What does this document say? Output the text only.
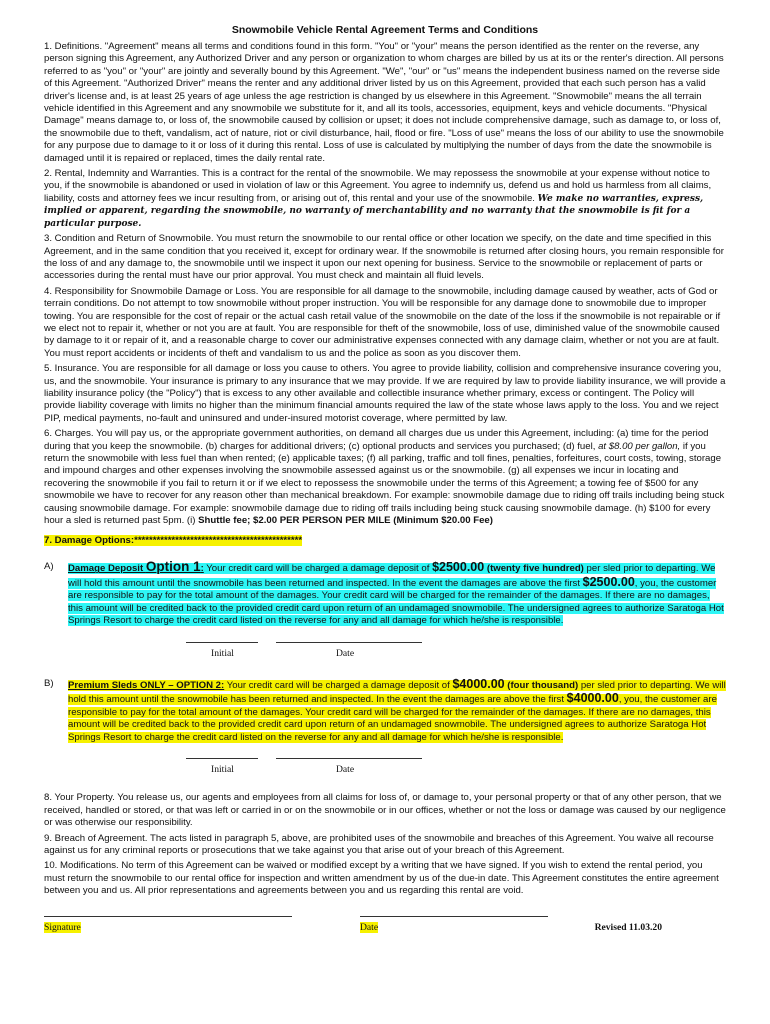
Snowmobile Vehicle Rental Agreement Terms and Conditions

1. Definitions. "Agreement" means all terms and conditions found in this form. "You" or "your" means the person identified as the renter on the reverse, any person signing this Agreement, any Authorized Driver and any person or organization to whom charges are billed by us at its or the renter's direction. All persons referred to as "you" or "your" are jointly and severally bound by this Agreement. "We", "our" or "us" means the independent business named on the reverse side of this Agreement. "Authorized Driver" means the renter and any additional driver listed by us on this Agreement, provided that each such person has a valid driver's license and, is at least 25 years of age unless the age restriction is changed by us elsewhere in this Agreement. "Snowmobile" means the all terrain vehicle identified in this Agreement and any snowmobile we substitute for it, and all its tools, accessories, equipment, keys and vehicle documents. "Physical Damage" means damage to, or loss of, the snowmobile caused by collision or upset; it does not include comprehensive damage, such as damage to, or loss of, the snowmobile due to theft, vandalism, act of nature, riot or civil disturbance, hail, flood or fire. "Loss of use" means the loss of our ability to use the snowmobile for any purpose due to damage to it or loss of it during this rental. Loss of use is calculated by multiplying the number of days from the date the snowmobile is damaged until it is repaired or replaced, times the daily rental rate.

2. Rental, Indemnity and Warranties. This is a contract for the rental of the snowmobile. We may repossess the snowmobile at your expense without notice to you, if the snowmobile is abandoned or used in violation of law or this Agreement. You agree to indemnify us, defend us and hold us harmless from all claims, liability, costs and attorney fees we incur resulting from, or arising out of, this rental and your use of the snowmobile. We make no warranties, express, implied or apparent, regarding the snowmobile, no warranty of merchantability and no warranty that the snowmobile is fit for a particular purpose.

3. Condition and Return of Snowmobile. You must return the snowmobile to our rental office or other location we specify, on the date and time specified in this Agreement, and in the same condition that you received it, except for ordinary wear. If the snowmobile is returned after closing hours, you remain responsible for the loss of and any damage to, the snowmobile until we inspect it upon our next opening for business. Service to the snowmobile or replacement of parts or accessories during the rental must have our prior approval. You must check and maintain all fluid levels.

4. Responsibility for Snowmobile Damage or Loss. You are responsible for all damage to the snowmobile, including damage caused by weather, acts of God or terrain conditions. Do not attempt to tow snowmobile without proper instruction. You will be responsible for any damage done to snowmobile due to improper towing. You are responsible for the cost of repair or the actual cash retail value of the snowmobile on the date of the loss if the snowmobile is not repairable or if we elect not to repair it, whether or not you are at fault. You are responsible for theft of the snowmobile, loss of use, diminished value of the snowmobile caused by damage to it or repair of it, and a reasonable charge to cover our administrative expenses connected with any damage claim, whether or not you are at fault. You must report accidents or incidents of theft and vandalism to us and the police as soon as you discover them.

5. Insurance. You are responsible for all damage or loss you cause to others. You agree to provide liability, collision and comprehensive insurance covering you, us, and the snowmobile. Your insurance is primary to any insurance that we may provide. If we are required by law to provide liability insurance, we will provide a liability insurance policy (the "Policy") that is excess to any other available and collectible insurance whether primary, excess or contingent. The Policy will provide liability coverage with limits no higher than the minimum financial amounts required the law of the state whose laws apply to the loss. You and we reject PIP, medical payments, no-fault and uninsured and under-insured motorist coverage, where permitted by law.

6. Charges. You will pay us, or the appropriate government authorities, on demand all charges due us under this Agreement, including: (a) time for the period during that you keep the snowmobile. (b) charges for additional drivers; (c) optional products and services you purchased; (d) fuel, at $8.00 per gallon, if you return the snowmobile with less fuel than when rented; (e) applicable taxes; (f) all parking, traffic and toll fines, penalties, forfeitures, court costs, towing, storage and impound charges and other expenses involving the snowmobile assessed against us or the snowmobile. (g) all expenses we incur in locating and recovering the snowmobile if you fail to return it or if we elect to repossess the snowmobile under the terms of this Agreement; a towing fee of $500 for any snowmobile we have to recover for any reason other than mechanical breakdown. For example: snowmobile damage due to riding off trails including being stuck causing snowmobile damage. For example: snowmobile damage due to riding off trails including being stuck causing snowmobile damage. (h) $100 for every hour a sled is returned past 5pm. (i) Shuttle fee; $2.00 PER PERSON PER MILE (Minimum $20.00 Fee)

7. Damage Options:*********************************************
A) Damage Deposit Option 1: Your credit card will be charged a damage deposit of $2500.00 (twenty five hundred) per sled prior to departing. We will hold this amount until the snowmobile has been returned and inspected. In the event the damages are above the first $2500.00, you, the customer are responsible to pay for the total amount of the damages. Your credit card will be charged for the remainder of the damages. If there are no damages, this amount will be credited back to the provided credit card upon return of an undamaged snowmobile. The undersigned agrees to authorize Saratoga Hot Springs Resort to charge the credit card listed on the reverse for any and all damage for which he/she is responsible.
Initial	Date
B) Premium Sleds ONLY – OPTION 2: Your credit card will be charged a damage deposit of $4000.00 (four thousand) per sled prior to departing. We will hold this amount until the snowmobile has been returned and inspected. In the event the damages are above the first $4000.00, you, the customer are responsible to pay for the total amount of the damages. Your credit card will be charged for the remainder of the damages. If there are no damages, this amount will be credited back to the provided credit card upon return of an undamaged snowmobile. The undersigned agrees to authorize Saratoga Hot Springs Resort to charge the credit card listed on the reverse for any and all damage for which he/she is responsible.
Initial	Date

8. Your Property. You release us, our agents and employees from all claims for loss of, or damage to, your personal property or that of any other person, that we received, handled or stored, or that was left or carried in or on the snowmobile or in our offices, whether or not the loss or damage was caused by our negligence or was otherwise our responsibility.

9. Breach of Agreement. The acts listed in paragraph 5, above, are prohibited uses of the snowmobile and breaches of this Agreement. You waive all recourse against us for any criminal reports or prosecutions that we take against you that arise out of your breach of this Agreement.

10. Modifications. No term of this Agreement can be waived or modified except by a writing that we have signed. If you wish to extend the rental period, you must return the snowmobile to our rental office for inspection and written amendment by us of the due-in date. This Agreement constitutes the entire agreement between you and us. All prior representations and agreements between you and us regarding this rental are void.

Signature	Date	Revised 11.03.20
